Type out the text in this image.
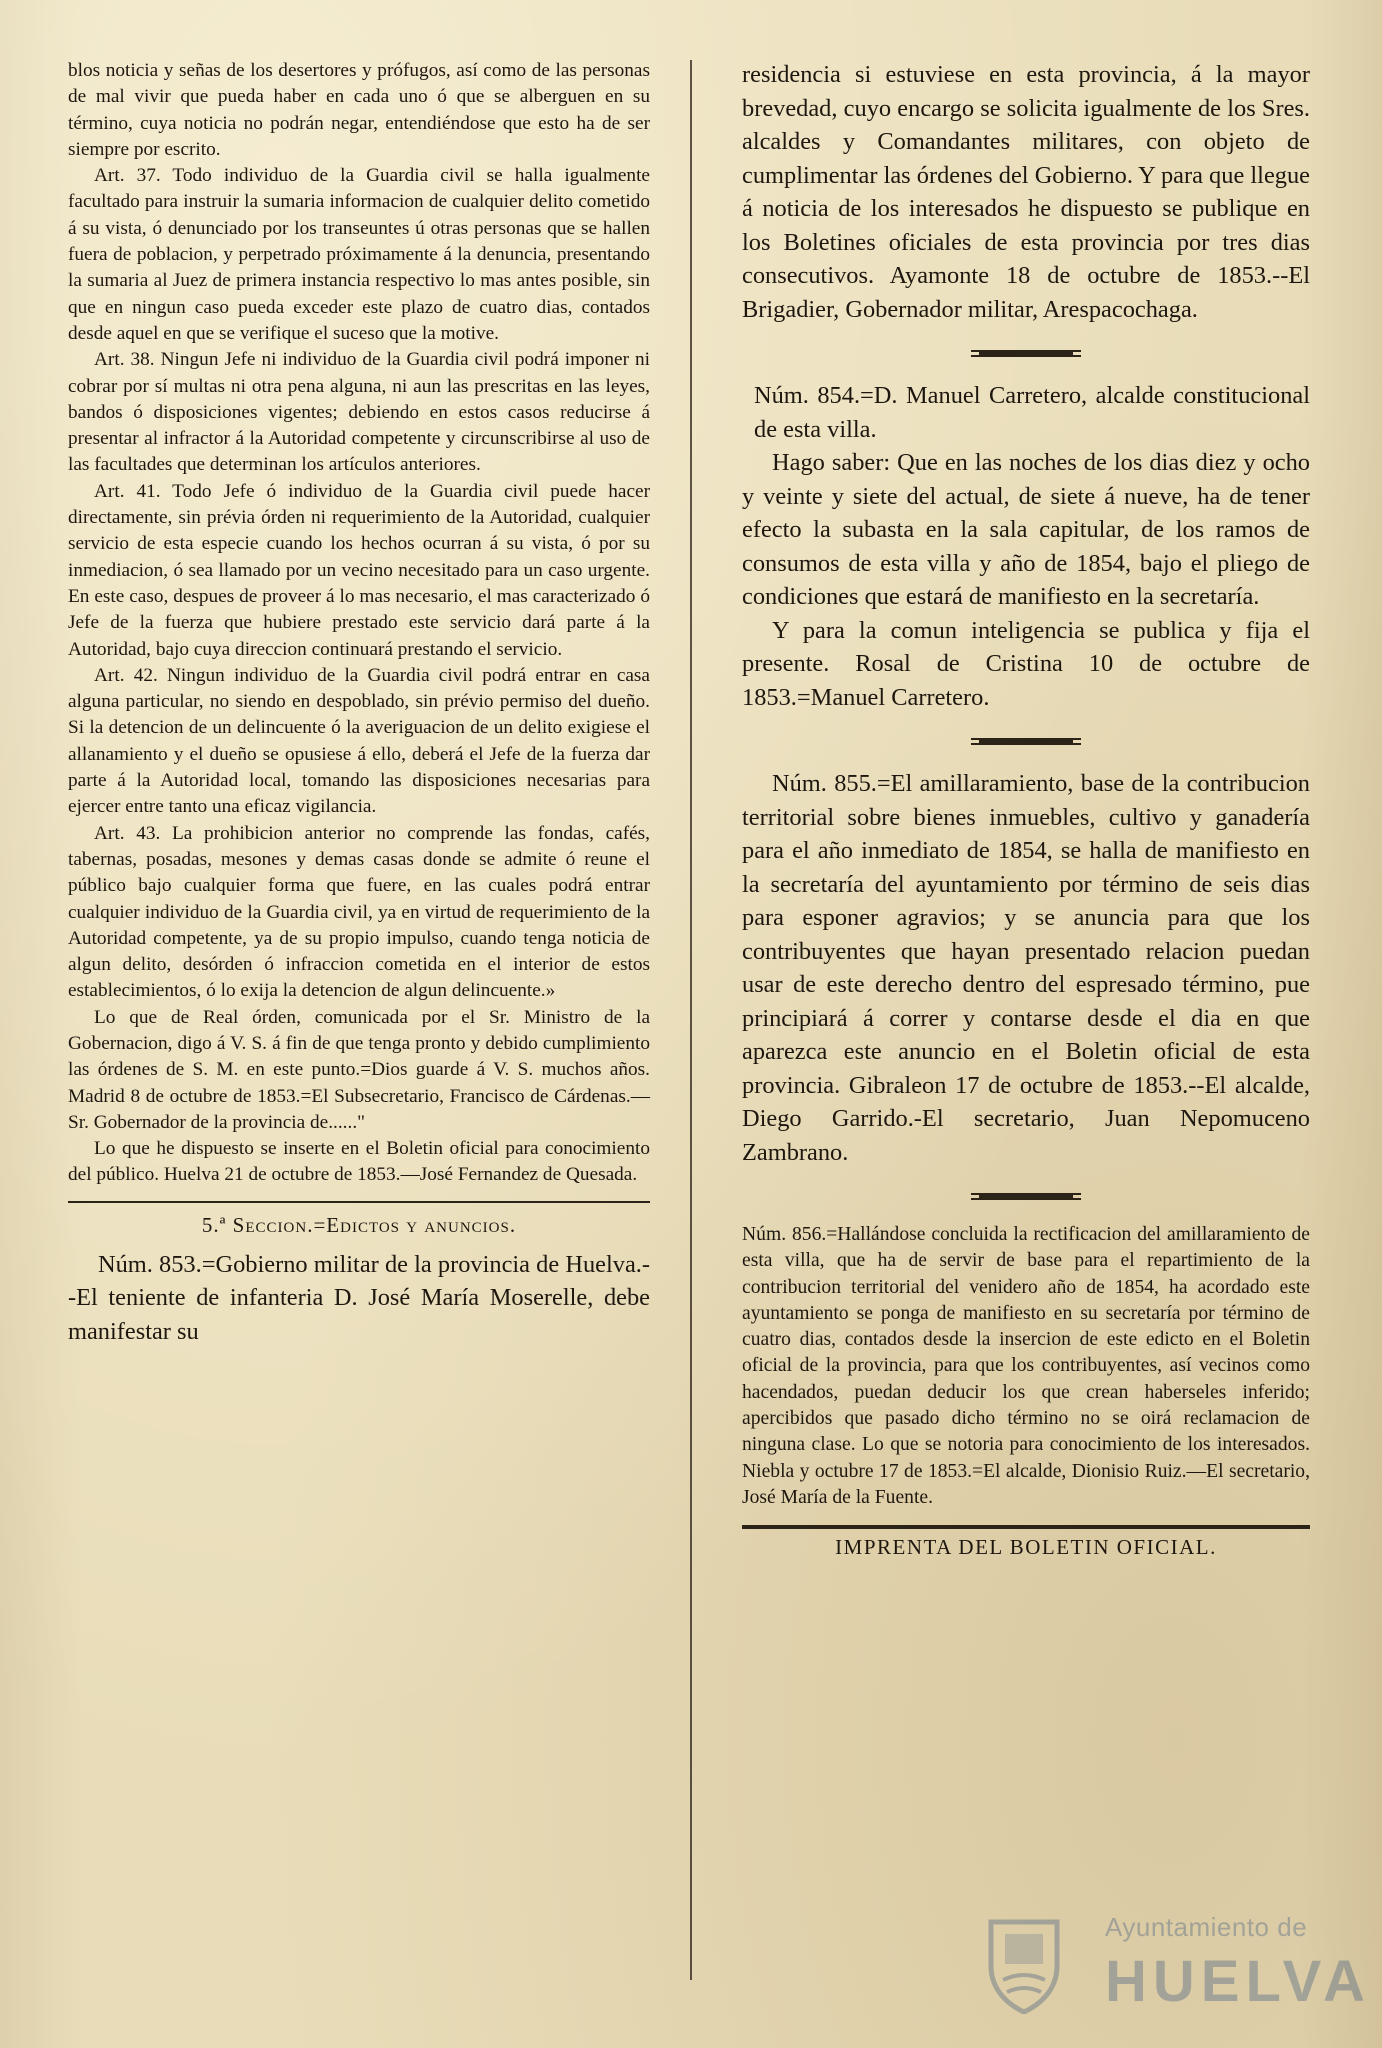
blos noticia y señas de los desertores y prófugos, así como de las personas de mal vivir que pueda haber en cada uno ó que se alberguen en su término, cuya noticia no podrán negar, entendiéndose que esto ha de ser siempre por escrito.

Art. 37. Todo individuo de la Guardia civil se halla igualmente facultado para instruir la sumaria informacion de cualquier delito cometido á su vista, ó denunciado por los transeuntes ú otras personas que se hallen fuera de poblacion, y perpetrado próximamente á la denuncia, presentando la sumaria al Juez de primera instancia respectivo lo mas antes posible, sin que en ningun caso pueda exceder este plazo de cuatro dias, contados desde aquel en que se verifique el suceso que la motive.

Art. 38. Ningun Jefe ni individuo de la Guardia civil podrá imponer ni cobrar por sí multas ni otra pena alguna, ni aun las prescritas en las leyes, bandos ó disposiciones vigentes; debiendo en estos casos reducirse á presentar al infractor á la Autoridad competente y circunscribirse al uso de las facultades que determinan los artículos anteriores.

Art. 41. Todo Jefe ó individuo de la Guardia civil puede hacer directamente, sin prévia órden ni requerimiento de la Autoridad, cualquier servicio de esta especie cuando los hechos ocurran á su vista, ó por su inmediacion, ó sea llamado por un vecino necesitado para un caso urgente. En este caso, despues de proveer á lo mas necesario, el mas caracterizado ó Jefe de la fuerza que hubiere prestado este servicio dará parte á la Autoridad, bajo cuya direccion continuará prestando el servicio.

Art. 42. Ningun individuo de la Guardia civil podrá entrar en casa alguna particular, no siendo en despoblado, sin prévio permiso del dueño. Si la detencion de un delincuente ó la averiguacion de un delito exigiese el allanamiento y el dueño se opusiese á ello, deberá el Jefe de la fuerza dar parte á la Autoridad local, tomando las disposiciones necesarias para ejercer entre tanto una eficaz vigilancia.

Art. 43. La prohibicion anterior no comprende las fondas, cafés, tabernas, posadas, mesones y demas casas donde se admite ó reune el público bajo cualquier forma que fuere, en las cuales podrá entrar cualquier individuo de la Guardia civil, ya en virtud de requerimiento de la Autoridad competente, ya de su propio impulso, cuando tenga noticia de algun delito, desórden ó infraccion cometida en el interior de estos establecimientos, ó lo exija la detencion de algun delincuente.»

Lo que de Real órden, comunicada por el Sr. Ministro de la Gobernacion, digo á V. S. á fin de que tenga pronto y debido cumplimiento las órdenes de S. M. en este punto.=Dios guarde á V. S. muchos años. Madrid 8 de octubre de 1853.=El Subsecretario, Francisco de Cárdenas.—Sr. Gobernador de la provincia de......"

Lo que he dispuesto se inserte en el Boletin oficial para conocimiento del público. Huelva 21 de octubre de 1853.—José Fernandez de Quesada.

5.ª Seccion.=Edictos y anuncios.

Núm. 853.=Gobierno militar de la provincia de Huelva.--El teniente de infanteria D. José María Moserelle, debe manifestar su

residencia si estuviese en esta provincia, á la mayor brevedad, cuyo encargo se solicita igualmente de los Sres. alcaldes y Comandantes militares, con objeto de cumplimentar las órdenes del Gobierno. Y para que llegue á noticia de los interesados he dispuesto se publique en los Boletines oficiales de esta provincia por tres dias consecutivos. Ayamonte 18 de octubre de 1853.--El Brigadier, Gobernador militar, Arespacochaga.

Núm. 854.=D. Manuel Carretero, alcalde constitucional de esta villa.

Hago saber: Que en las noches de los dias diez y ocho y veinte y siete del actual, de siete á nueve, ha de tener efecto la subasta en la sala capitular, de los ramos de consumos de esta villa y año de 1854, bajo el pliego de condiciones que estará de manifiesto en la secretaría.

Y para la comun inteligencia se publica y fija el presente. Rosal de Cristina 10 de octubre de 1853.=Manuel Carretero.

Núm. 855.=El amillaramiento, base de la contribucion territorial sobre bienes inmuebles, cultivo y ganadería para el año inmediato de 1854, se halla de manifiesto en la secretaría del ayuntamiento por término de seis dias para esponer agravios; y se anuncia para que los contribuyentes que hayan presentado relacion puedan usar de este derecho dentro del espresado término, pue principiará á correr y contarse desde el dia en que aparezca este anuncio en el Boletin oficial de esta provincia. Gibraleon 17 de octubre de 1853.--El alcalde, Diego Garrido.-El secretario, Juan Nepomuceno Zambrano.

Núm. 856.=Hallándose concluida la rectificacion del amillaramiento de esta villa, que ha de servir de base para el repartimiento de la contribucion territorial del venidero año de 1854, ha acordado este ayuntamiento se ponga de manifiesto en su secretaría por término de cuatro dias, contados desde la insercion de este edicto en el Boletin oficial de la provincia, para que los contribuyentes, así vecinos como hacendados, puedan deducir los que crean haberseles inferido; apercibidos que pasado dicho término no se oirá reclamacion de ninguna clase. Lo que se notoria para conocimiento de los interesados. Niebla y octubre 17 de 1853.=El alcalde, Dionisio Ruiz.—El secretario, José María de la Fuente.

IMPRENTA DEL BOLETIN OFICIAL.
Ayuntamiento de
HUELVA
